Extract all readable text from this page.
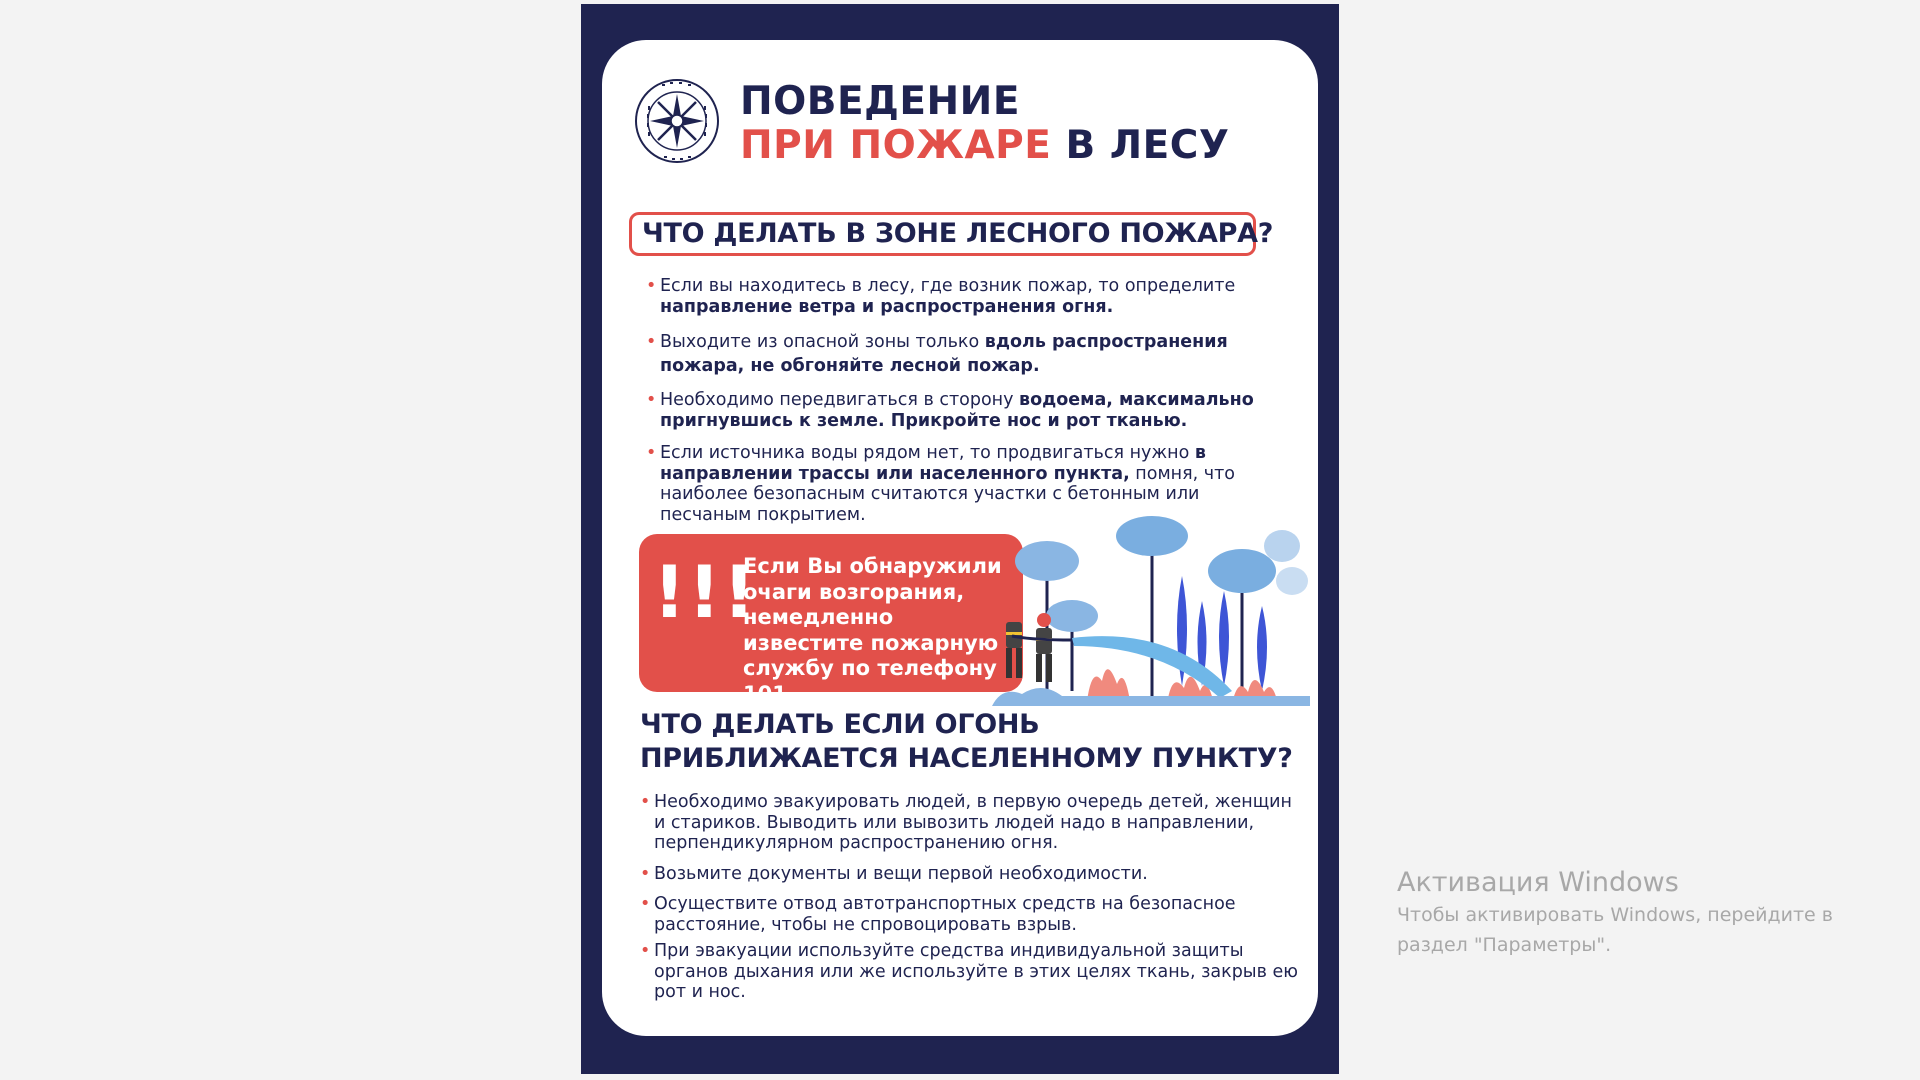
ПОВЕДЕНИЕ
ПРИ ПОЖАРЕ В ЛЕСУ
ЧТО ДЕЛАТЬ В ЗОНЕ ЛЕСНОГО ПОЖАРА?
• Если вы находитесь в лесу, где возник пожар, то определите направление ветра и распространения огня.
• Выходите из опасной зоны только вдоль распространения пожара, не обгоняйте лесной пожар.
• Необходимо передвигаться в сторону водоема, максимально пригнувшись к земле. Прикройте нос и рот тканью.
• Если источника воды рядом нет, то продвигаться нужно в направлении трассы или населенного пункта, помня, что наиболее безопасным считаются участки с бетонным или песчаным покрытием.
!!!
Если Вы обнаружили очаги возгорания, немедленно известите пожарную службу по телефону 101
ЧТО ДЕЛАТЬ ЕСЛИ ОГОНЬ ПРИБЛИЖАЕТСЯ НАСЕЛЕННОМУ ПУНКТУ?
• Необходимо эвакуировать людей, в первую очередь детей, женщин и стариков. Выводить или вывозить людей надо в направлении, перпендикулярном распространению огня.
• Возьмите документы и вещи первой необходимости.
• Осуществите отвод автотранспортных средств на безопасное расстояние, чтобы не спровоцировать взрыв.
• При эвакуации используйте средства индивидуальной защиты органов дыхания или же используйте в этих целях ткань, закрыв ею рот и нос.
Активация Windows
Чтобы активировать Windows, перейдите в раздел "Параметры".
